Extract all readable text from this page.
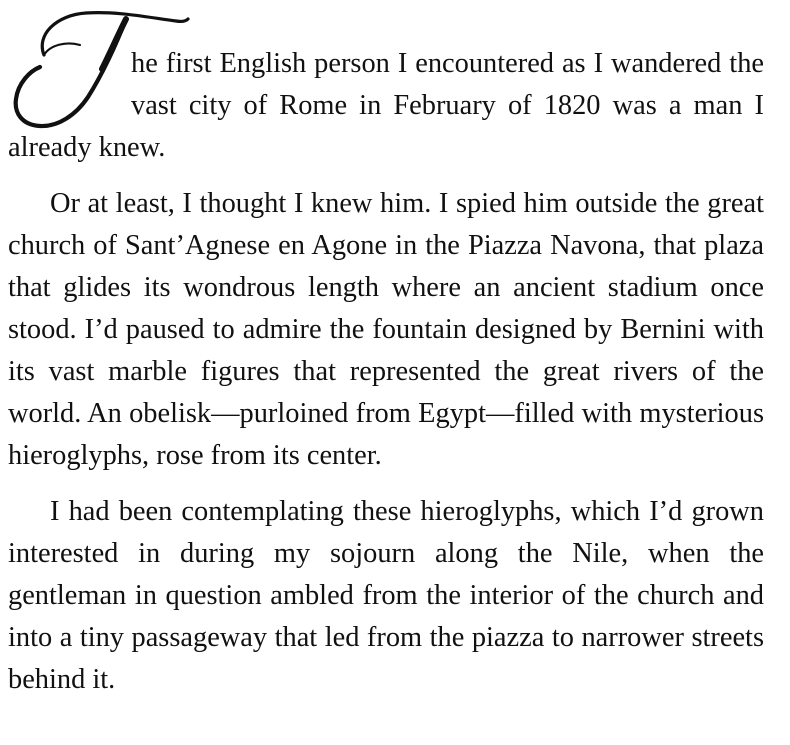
he first English person I encountered as I wandered the vast city of Rome in February of 1820 was a man I already knew.

Or at least, I thought I knew him. I spied him outside the great church of Sant’Agnese en Agone in the Piazza Navona, that plaza that glides its wondrous length where an ancient stadium once stood. I’d paused to admire the fountain designed by Bernini with its vast marble figures that represented the great rivers of the world. An obelisk—purloined from Egypt—filled with mysterious hieroglyphs, rose from its center.

I had been contemplating these hieroglyphs, which I’d grown interested in during my sojourn along the Nile, when the gentleman in question ambled from the interior of the church and into a tiny passageway that led from the piazza to narrower streets behind it.
